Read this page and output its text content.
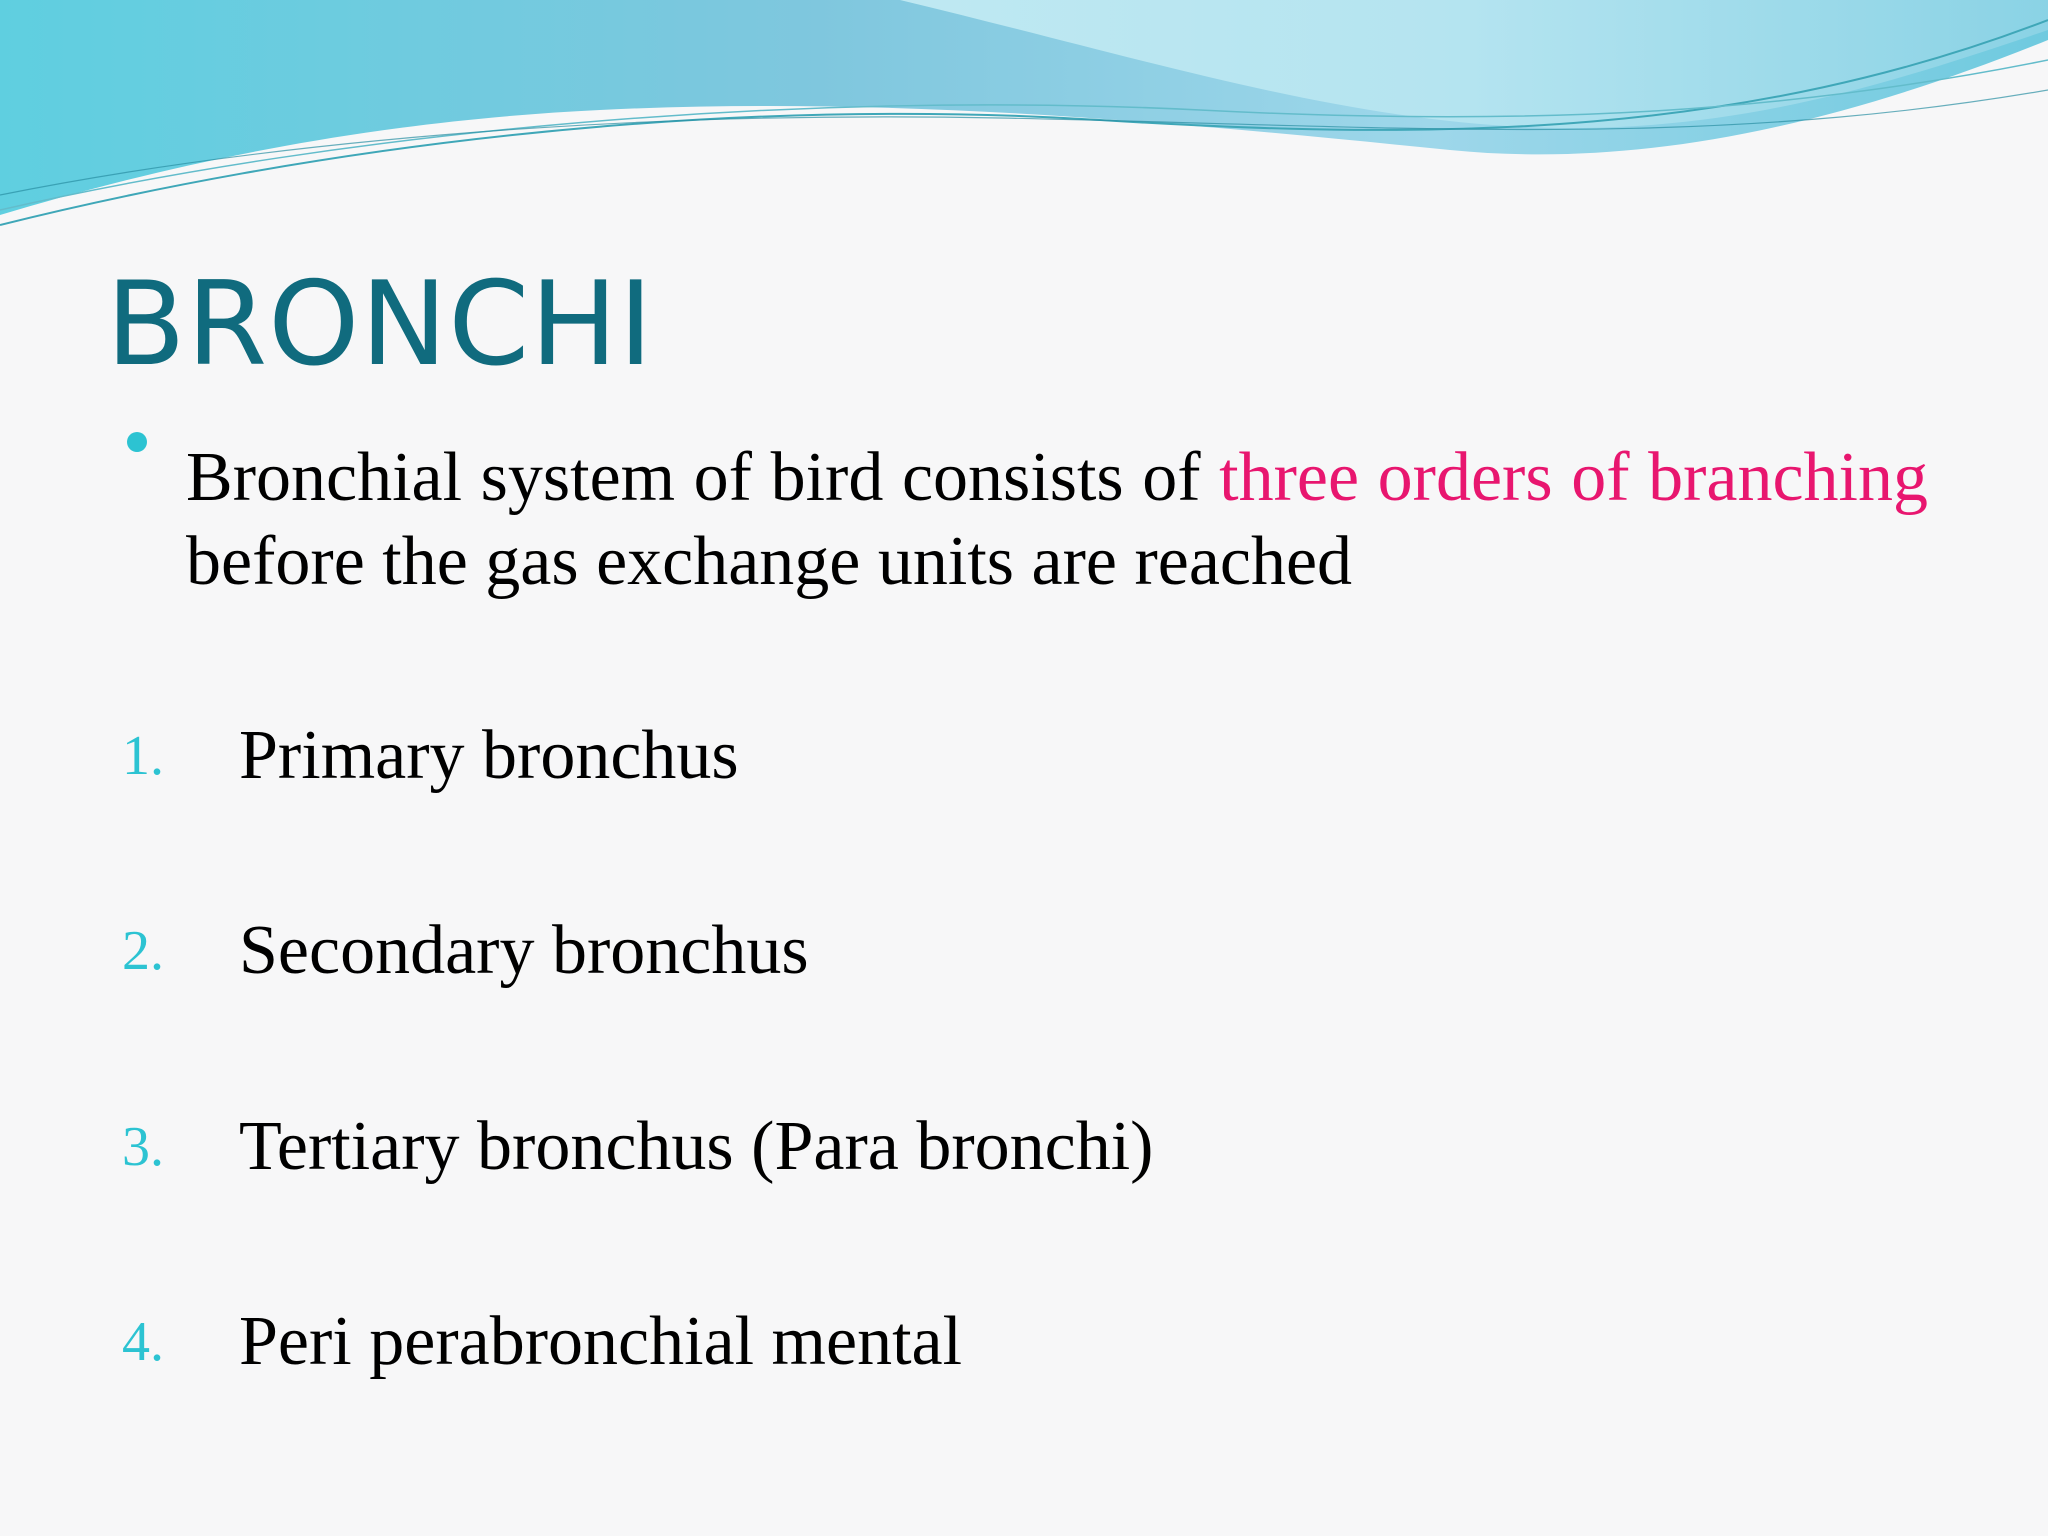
BRONCHI

Bronchial system of bird consists of three orders of branching before the gas exchange units are reached

1. Primary bronchus
2. Secondary bronchus
3. Tertiary bronchus (Para bronchi)
4. Peri perabronchial mental
